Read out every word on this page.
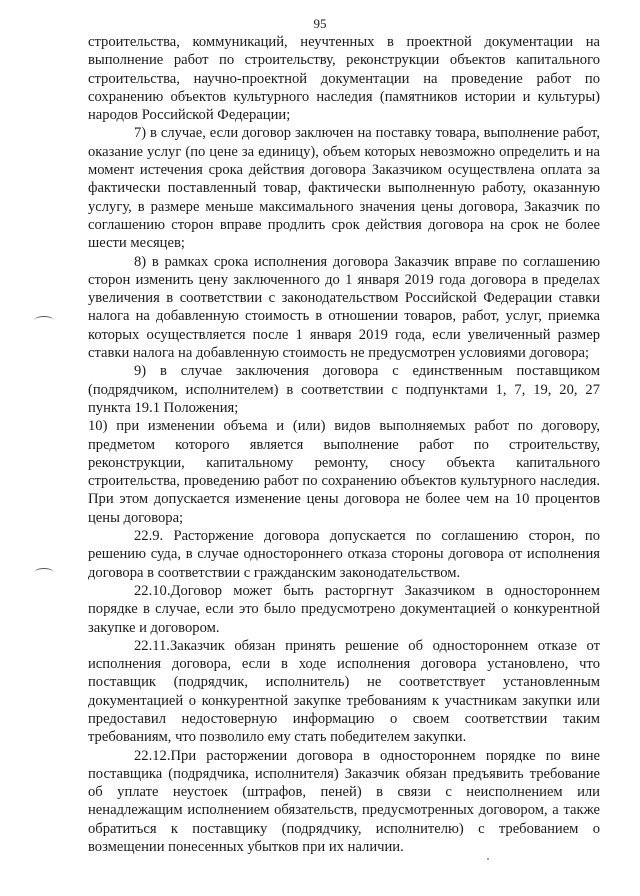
95

строительства, коммуникаций, неучтенных в проектной документации на выполнение работ по строительству, реконструкции объектов капитального строительства, научно-проектной документации на проведение работ по сохранению объектов культурного наследия (памятников истории и культуры) народов Российской Федерации;

7) в случае, если договор заключен на поставку товара, выполнение работ, оказание услуг (по цене за единицу), объем которых невозможно определить и на момент истечения срока действия договора Заказчиком осуществлена оплата за фактически поставленный товар, фактически выполненную работу, оказанную услугу, в размере меньше максимального значения цены договора, Заказчик по соглашению сторон вправе продлить срок действия договора на срок не более шести месяцев;

8) в рамках срока исполнения договора Заказчик вправе по соглашению сторон изменить цену заключенного до 1 января 2019 года договора в пределах увеличения в соответствии с законодательством Российской Федерации ставки налога на добавленную стоимость в отношении товаров, работ, услуг, приемка которых осуществляется после 1 января 2019 года, если увеличенный размер ставки налога на добавленную стоимость не предусмотрен условиями договора;

9) в случае заключения договора с единственным поставщиком (подрядчиком, исполнителем) в соответствии с подпунктами 1, 7, 19, 20, 27 пункта 19.1 Положения;

10) при изменении объема и (или) видов выполняемых работ по договору, предметом которого является выполнение работ по строительству, реконструкции, капитальному ремонту, сносу объекта капитального строительства, проведению работ по сохранению объектов культурного наследия. При этом допускается изменение цены договора не более чем на 10 процентов цены договора;

22.9. Расторжение договора допускается по соглашению сторон, по решению суда, в случае одностороннего отказа стороны договора от исполнения договора в соответствии с гражданским законодательством.

22.10.Договор может быть расторгнут Заказчиком в одностороннем порядке в случае, если это было предусмотрено документацией о конкурентной закупке и договором.

22.11.Заказчик обязан принять решение об одностороннем отказе от исполнения договора, если в ходе исполнения договора установлено, что поставщик (подрядчик, исполнитель) не соответствует установленным документацией о конкурентной закупке требованиям к участникам закупки или предоставил недостоверную информацию о своем соответствии таким требованиям, что позволило ему стать победителем закупки.

22.12.При расторжении договора в одностороннем порядке по вине поставщика (подрядчика, исполнителя) Заказчик обязан предъявить требование об уплате неустоек (штрафов, пеней) в связи с неисполнением или ненадлежащим исполнением обязательств, предусмотренных договором, а также обратиться к поставщику (подрядчику, исполнителю) с требованием о возмещении понесенных убытков при их наличии.
